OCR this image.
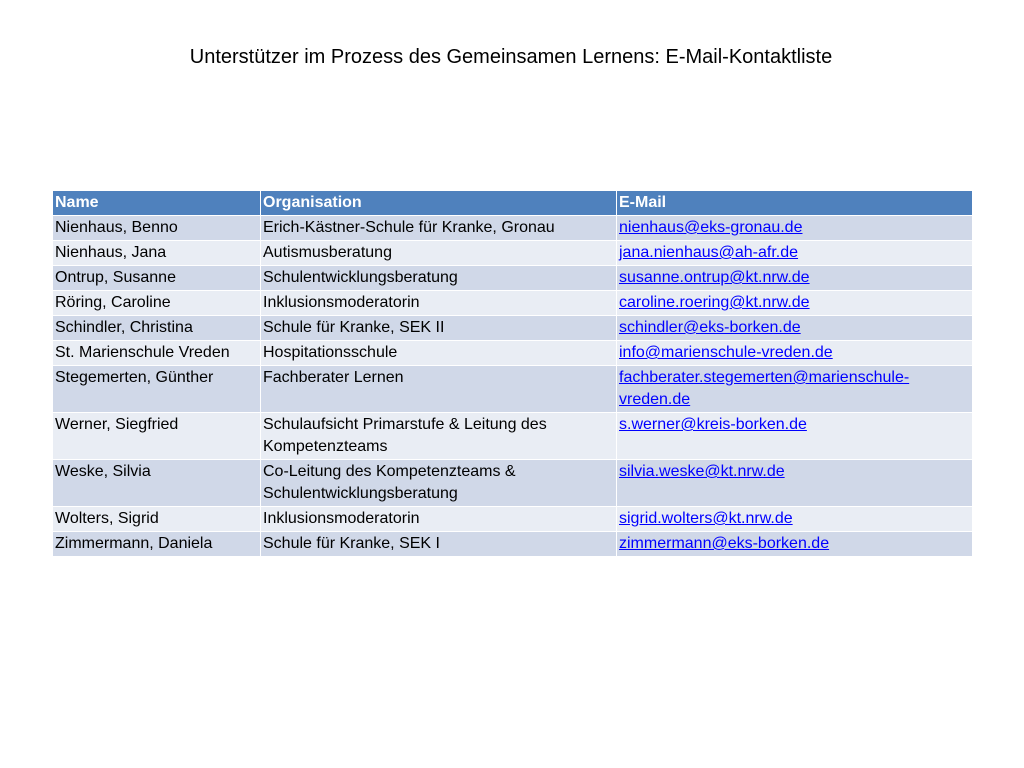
Unterstützer im Prozess des Gemeinsamen Lernens: E-Mail-Kontaktliste
Name	Organisation	E-Mail
Nienhaus, Benno	Erich-Kästner-Schule für Kranke, Gronau	nienhaus@eks-gronau.de
Nienhaus, Jana	Autismusberatung	jana.nienhaus@ah-afr.de
Ontrup, Susanne	Schulentwicklungsberatung	susanne.ontrup@kt.nrw.de
Röring, Caroline	Inklusionsmoderatorin	caroline.roering@kt.nrw.de
Schindler, Christina	Schule für Kranke, SEK II	schindler@eks-borken.de
St. Marienschule Vreden	Hospitationsschule	info@marienschule-vreden.de
Stegemerten, Günther	Fachberater Lernen	fachberater.stegemerten@marienschule-vreden.de
Werner, Siegfried	Schulaufsicht Primarstufe & Leitung des Kompetenzteams	s.werner@kreis-borken.de
Weske, Silvia	Co-Leitung des Kompetenzteams & Schulentwicklungsberatung	silvia.weske@kt.nrw.de
Wolters, Sigrid	Inklusionsmoderatorin	sigrid.wolters@kt.nrw.de
Zimmermann, Daniela	Schule für Kranke, SEK I	zimmermann@eks-borken.de
